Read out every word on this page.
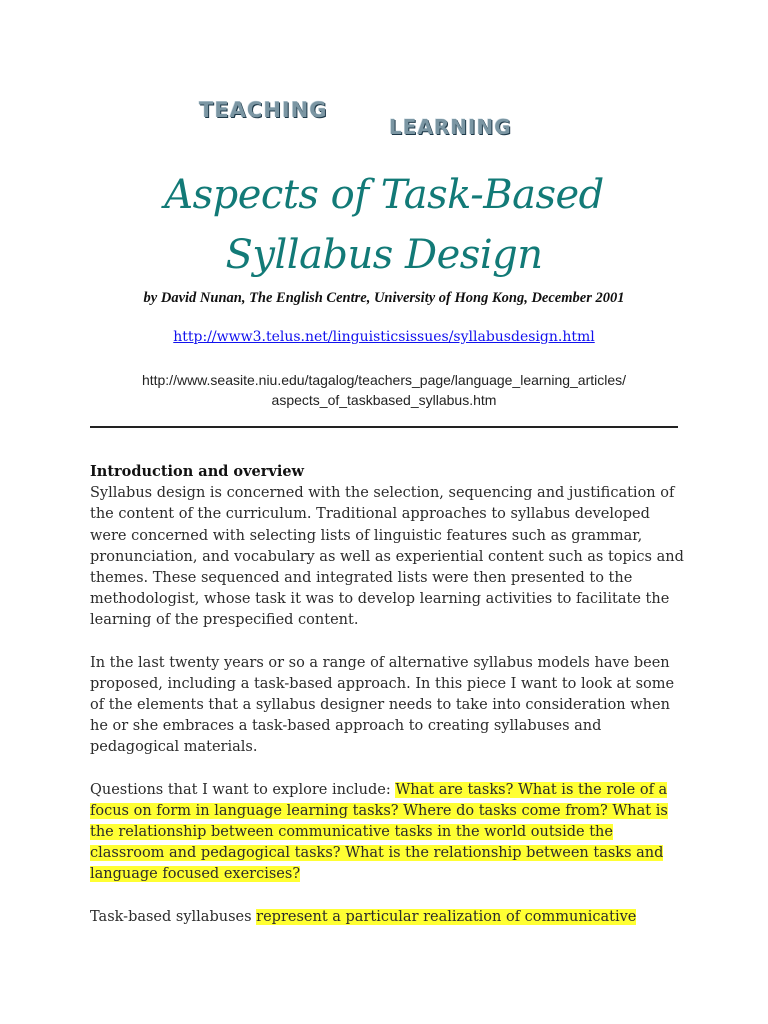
TEACHING
LEARNING
Aspects of Task-Based
Syllabus Design

by David Nunan, The English Centre, University of Hong Kong, December 2001

http://www3.telus.net/linguisticsissues/syllabusdesign.html

http://www.seasite.niu.edu/tagalog/teachers_page/language_learning_articles/
aspects_of_taskbased_syllabus.htm

Introduction and overview
Syllabus design is concerned with the selection, sequencing and justification of the content of the curriculum. Traditional approaches to syllabus developed were concerned with selecting lists of linguistic features such as grammar, pronunciation, and vocabulary as well as experiential content such as topics and themes. These sequenced and integrated lists were then presented to the methodologist, whose task it was to develop learning activities to facilitate the learning of the prespecified content.

In the last twenty years or so a range of alternative syllabus models have been proposed, including a task-based approach. In this piece I want to look at some of the elements that a syllabus designer needs to take into consideration when he or she embraces a task-based approach to creating syllabuses and pedagogical materials.

Questions that I want to explore include: What are tasks? What is the role of a focus on form in language learning tasks? Where do tasks come from? What is the relationship between communicative tasks in the world outside the classroom and pedagogical tasks? What is the relationship between tasks and language focused exercises?

Task-based syllabuses represent a particular realization of communicative
